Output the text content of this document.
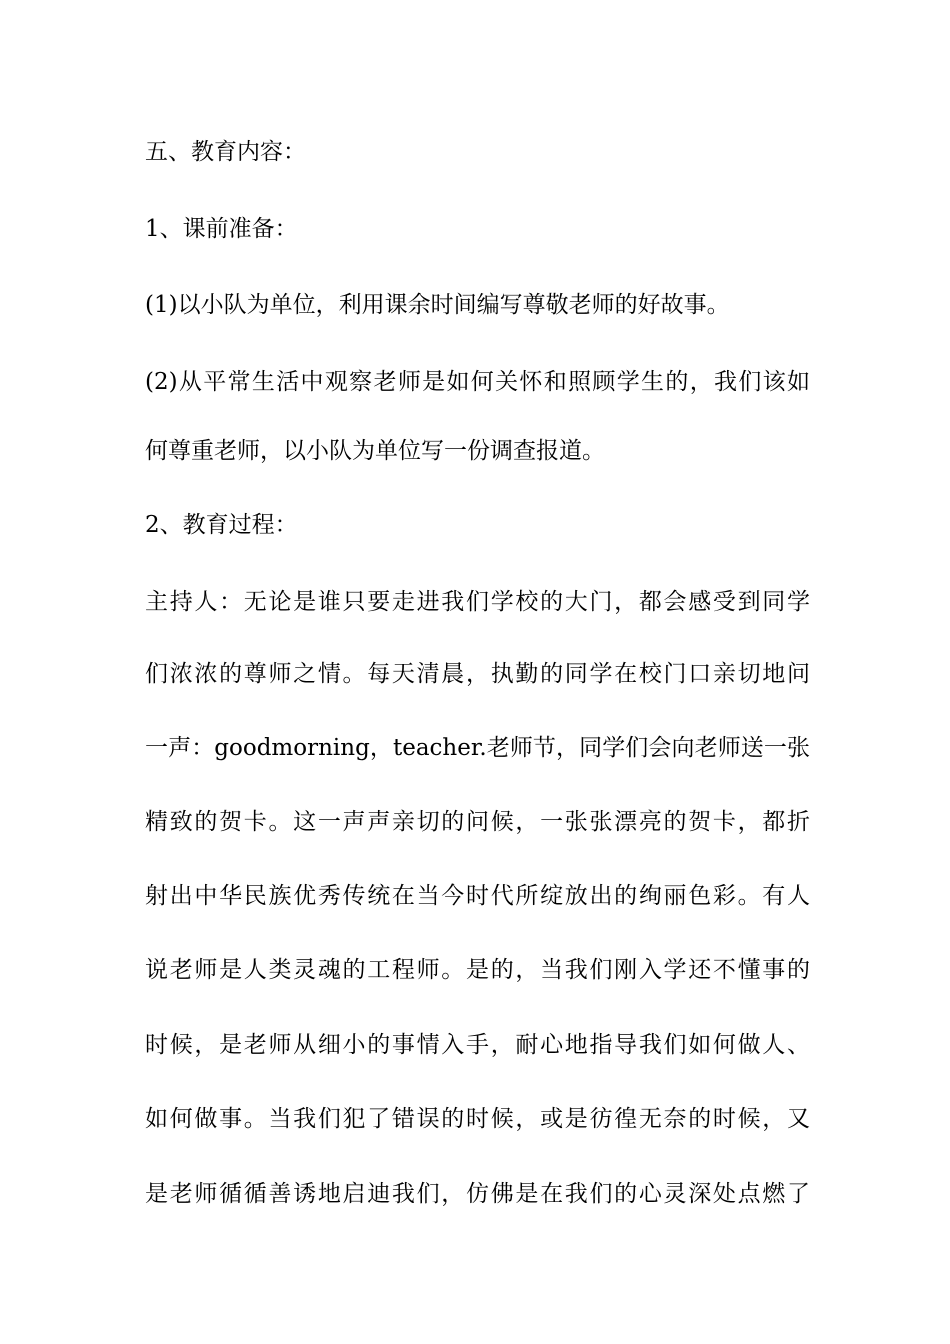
五、教育内容：
1、课前准备：
(1)以小队为单位，利用课余时间编写尊敬老师的好故事。
(2)从平常生活中观察老师是如何关怀和照顾学生的，我们该如
何尊重老师，以小队为单位写一份调查报道。
2、教育过程：
主持人：无论是谁只要走进我们学校的大门，都会感受到同学
们浓浓的尊师之情。每天清晨，执勤的同学在校门口亲切地问
一声：goodmorning，teacher.老师节，同学们会向老师送一张
精致的贺卡。这一声声亲切的问候，一张张漂亮的贺卡，都折
射出中华民族优秀传统在当今时代所绽放出的绚丽色彩。有人
说老师是人类灵魂的工程师。是的，当我们刚入学还不懂事的
时候，是老师从细小的事情入手，耐心地指导我们如何做人、
如何做事。当我们犯了错误的时候，或是彷徨无奈的时候，又
是老师循循善诱地启迪我们，仿佛是在我们的心灵深处点燃了
